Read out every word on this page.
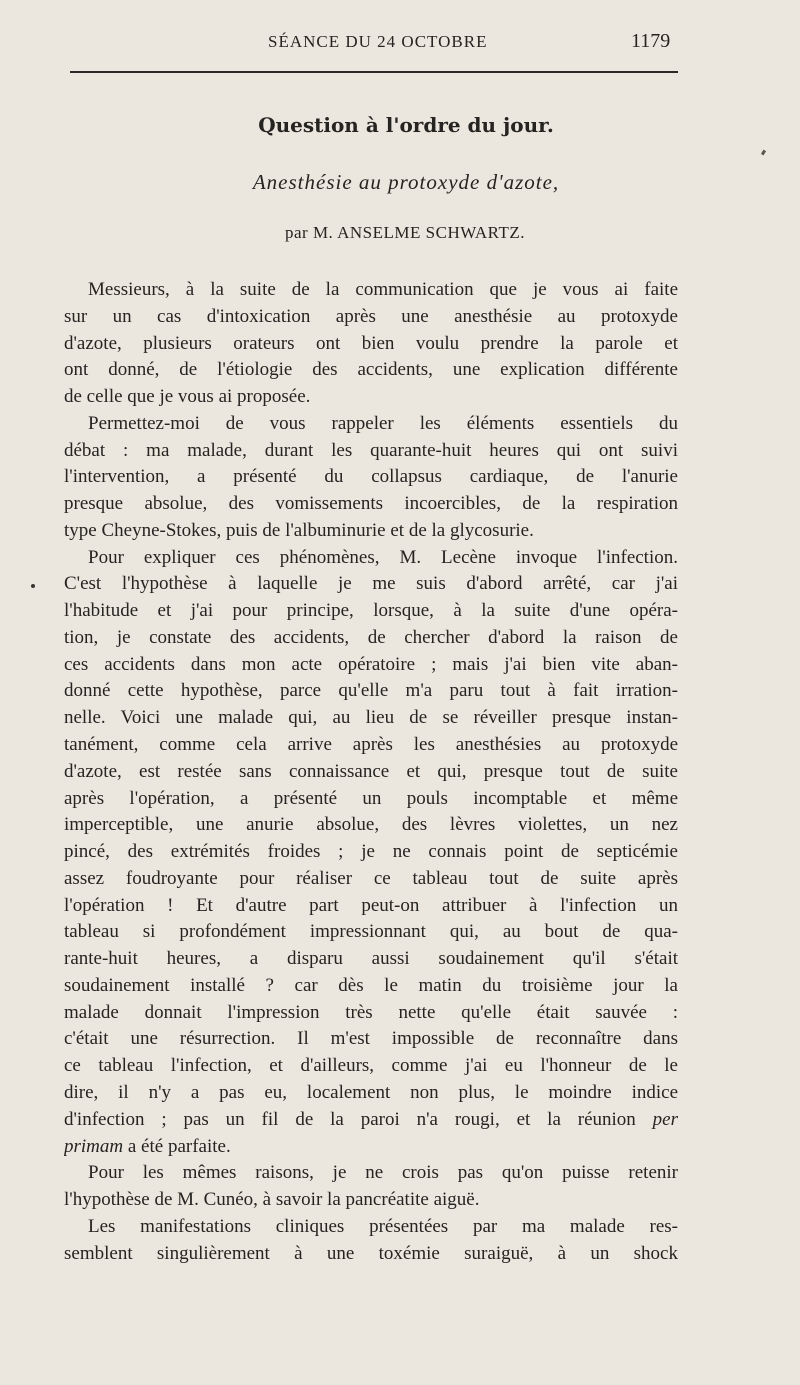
SÉANCE DU 24 OCTOBRE	1179
Question à l'ordre du jour.
Anesthésie au protoxyde d'azote,
par M. ANSELME SCHWARTZ.
Messieurs, à la suite de la communication que je vous ai faite
sur un cas d'intoxication après une anesthésie au protoxyde
d'azote, plusieurs orateurs ont bien voulu prendre la parole et
ont donné, de l'étiologie des accidents, une explication différente
de celle que je vous ai proposée.
Permettez-moi de vous rappeler les éléments essentiels du
débat : ma malade, durant les quarante-huit heures qui ont suivi
l'intervention, a présenté du collapsus cardiaque, de l'anurie
presque absolue, des vomissements incoercibles, de la respiration
type Cheyne-Stokes, puis de l'albuminurie et de la glycosurie.
Pour expliquer ces phénomènes, M. Lecène invoque l'infection.
C'est l'hypothèse à laquelle je me suis d'abord arrêté, car j'ai
l'habitude et j'ai pour principe, lorsque, à la suite d'une opéra-
tion, je constate des accidents, de chercher d'abord la raison de
ces accidents dans mon acte opératoire ; mais j'ai bien vite aban-
donné cette hypothèse, parce qu'elle m'a paru tout à fait irration-
nelle. Voici une malade qui, au lieu de se réveiller presque instan-
tanément, comme cela arrive après les anesthésies au protoxyde
d'azote, est restée sans connaissance et qui, presque tout de suite
après l'opération, a présenté un pouls incomptable et même
imperceptible, une anurie absolue, des lèvres violettes, un nez
pincé, des extrémités froides ; je ne connais point de septicémie
assez foudroyante pour réaliser ce tableau tout de suite après
l'opération ! Et d'autre part peut-on attribuer à l'infection un
tableau si profondément impressionnant qui, au bout de qua-
rante-huit heures, a disparu aussi soudainement qu'il s'était
soudainement installé ? car dès le matin du troisième jour la
malade donnait l'impression très nette qu'elle était sauvée :
c'était une résurrection. Il m'est impossible de reconnaître dans
ce tableau l'infection, et d'ailleurs, comme j'ai eu l'honneur de le
dire, il n'y a pas eu, localement non plus, le moindre indice
d'infection ; pas un fil de la paroi n'a rougi, et la réunion per
primam a été parfaite.
Pour les mêmes raisons, je ne crois pas qu'on puisse retenir
l'hypothèse de M. Cunéo, à savoir la pancréatite aiguë.
Les manifestations cliniques présentées par ma malade res-
semblent singulièrement à une toxémie suraiguë, à un shock
